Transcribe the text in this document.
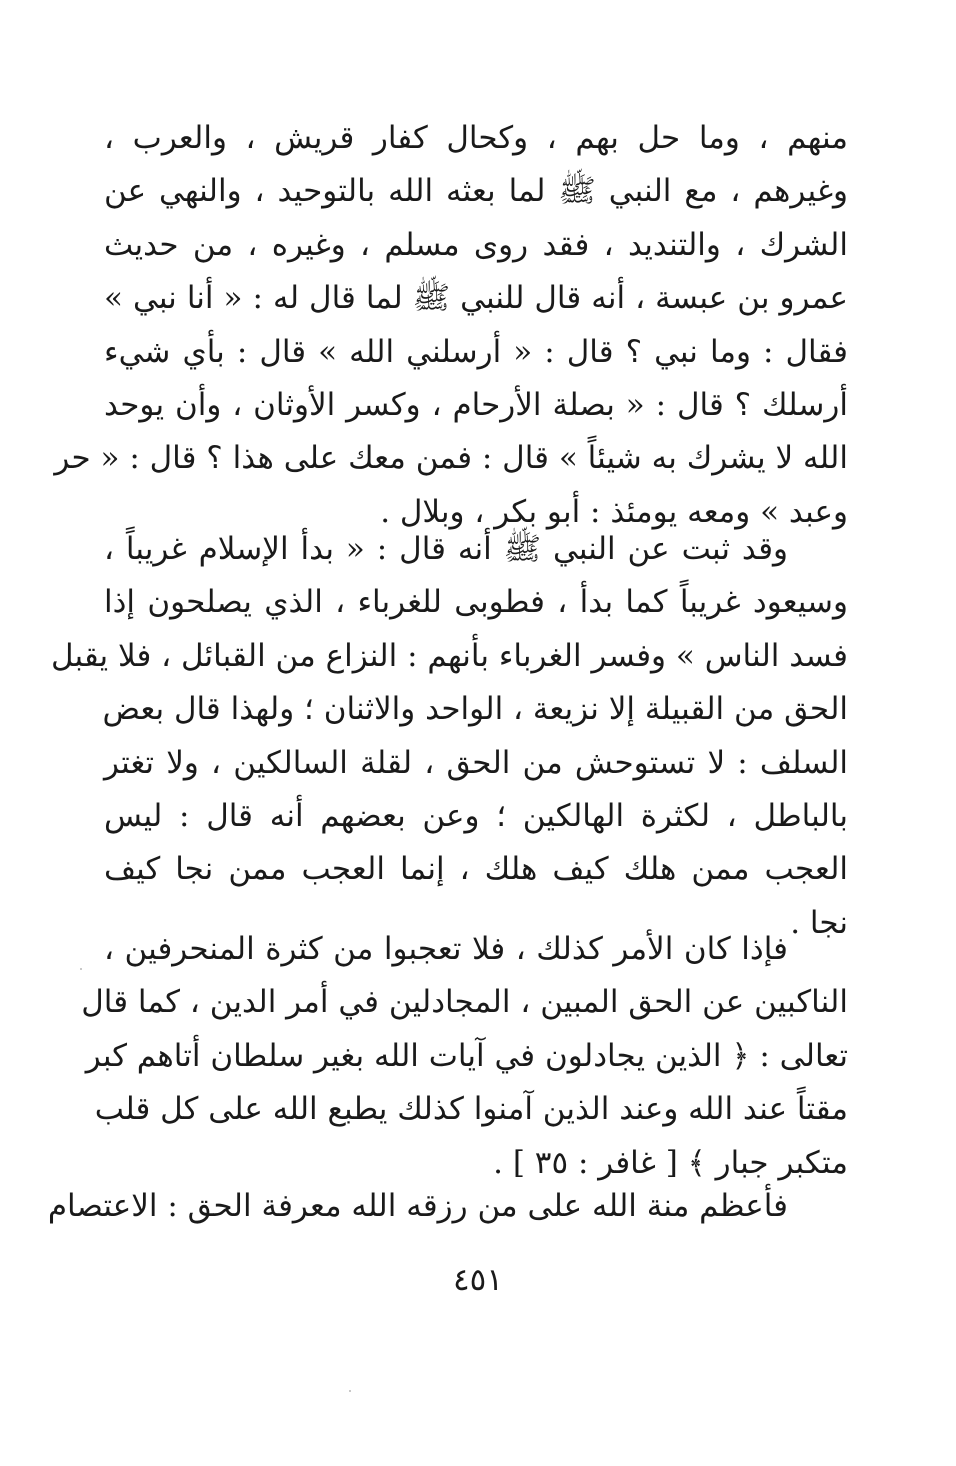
منهم ، وما حل بهم ، وكحال كفار قريش ، والعرب ،
وغيرهم ، مع النبي ﷺ لما بعثه الله بالتوحيد ، والنهي عن
الشرك ، والتنديد ، فقد روى مسلم ، وغيره ، من حديث
عمرو بن عبسة ، أنه قال للنبي ﷺ لما قال له : « أنا نبي »
فقال : وما نبي ؟ قال : « أرسلني الله » قال : بأي شيء
أرسلك ؟ قال : « بصلة الأرحام ، وكسر الأوثان ، وأن يوحد
الله لا يشرك به شيئاً » قال : فمن معك على هذا ؟ قال : « حر
وعبد » ومعه يومئذ : أبو بكر ، وبلال .
وقد ثبت عن النبي ﷺ أنه قال : « بدأ الإسلام غريباً ،
وسيعود غريباً كما بدأ ، فطوبى للغرباء ، الذي يصلحون إذا
فسد الناس » وفسر الغرباء بأنهم : النزاع من القبائل ، فلا يقبل
الحق من القبيلة إلا نزيعة ، الواحد والاثنان ؛ ولهذا قال بعض
السلف : لا تستوحش من الحق ، لقلة السالكين ، ولا تغتر
بالباطل ، لكثرة الهالكين ؛ وعن بعضهم أنه قال : ليس
العجب ممن هلك كيف هلك ، إنما العجب ممن نجا كيف
نجا .
فإذا كان الأمر كذلك ، فلا تعجبوا من كثرة المنحرفين ،
الناكبين عن الحق المبين ، المجادلين في أمر الدين ، كما قال
تعالى : ﴿ الذين يجادلون في آيات الله بغير سلطان أتاهم كبر
مقتاً عند الله وعند الذين آمنوا كذلك يطبع الله على كل قلب
متكبر جبار ﴾ [ غافر : ٣٥ ] .
فأعظم منة الله على من رزقه الله معرفة الحق : الاعتصام
٤٥١
